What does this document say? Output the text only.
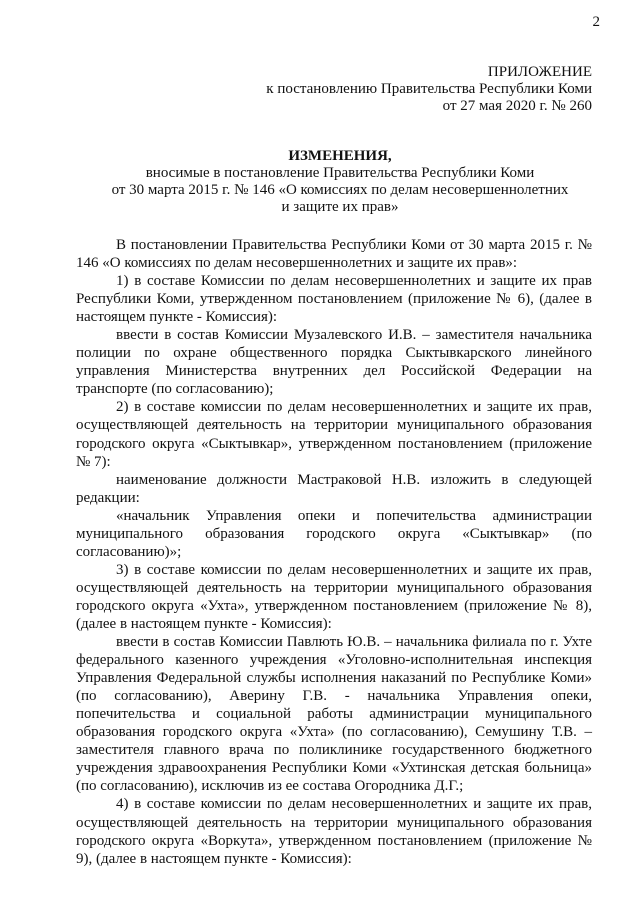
2
ПРИЛОЖЕНИЕ
к постановлению Правительства Республики Коми
от 27 мая 2020 г. № 260
ИЗМЕНЕНИЯ,
вносимые в постановление Правительства Республики Коми
от 30 марта 2015 г. № 146 «О комиссиях по делам несовершеннолетних
и защите их прав»

В постановлении Правительства Республики Коми от 30 марта 2015 г. № 146 «О комиссиях по делам несовершеннолетних и защите их прав»:

1) в составе Комиссии по делам несовершеннолетних и защите их прав Республики Коми, утвержденном постановлением (приложение № 6), (далее в настоящем пункте - Комиссия):

ввести в состав Комиссии Музалевского И.В. – заместителя начальника полиции по охране общественного порядка Сыктывкарского линейного управления Министерства внутренних дел Российской Федерации на транспорте (по согласованию);

2) в составе комиссии по делам несовершеннолетних и защите их прав, осуществляющей деятельность на территории муниципального образования городского округа «Сыктывкар», утвержденном постановлением (приложение № 7):

наименование должности Мастраковой Н.В. изложить в следующей редакции:

«начальник Управления опеки и попечительства администрации муниципального образования городского округа «Сыктывкар» (по согласованию)»;

3) в составе комиссии по делам несовершеннолетних и защите их прав, осуществляющей деятельность на территории муниципального образования городского округа «Ухта», утвержденном постановлением (приложение № 8), (далее в настоящем пункте - Комиссия):

ввести в состав Комиссии Павлють Ю.В. – начальника филиала по г. Ухте федерального казенного учреждения «Уголовно-исполнительная инспекция Управления Федеральной службы исполнения наказаний по Республике Коми» (по согласованию), Аверину Г.В. - начальника Управления опеки, попечительства и социальной работы администрации муниципального образования городского округа «Ухта» (по согласованию), Семушину Т.В. – заместителя главного врача по поликлинике государственного бюджетного учреждения здравоохранения Республики Коми «Ухтинская детская больница» (по согласованию), исключив из ее состава Огородника Д.Г.;

4) в составе комиссии по делам несовершеннолетних и защите их прав, осуществляющей деятельность на территории муниципального образования городского округа «Воркута», утвержденном постановлением (приложение № 9), (далее в настоящем пункте - Комиссия):
